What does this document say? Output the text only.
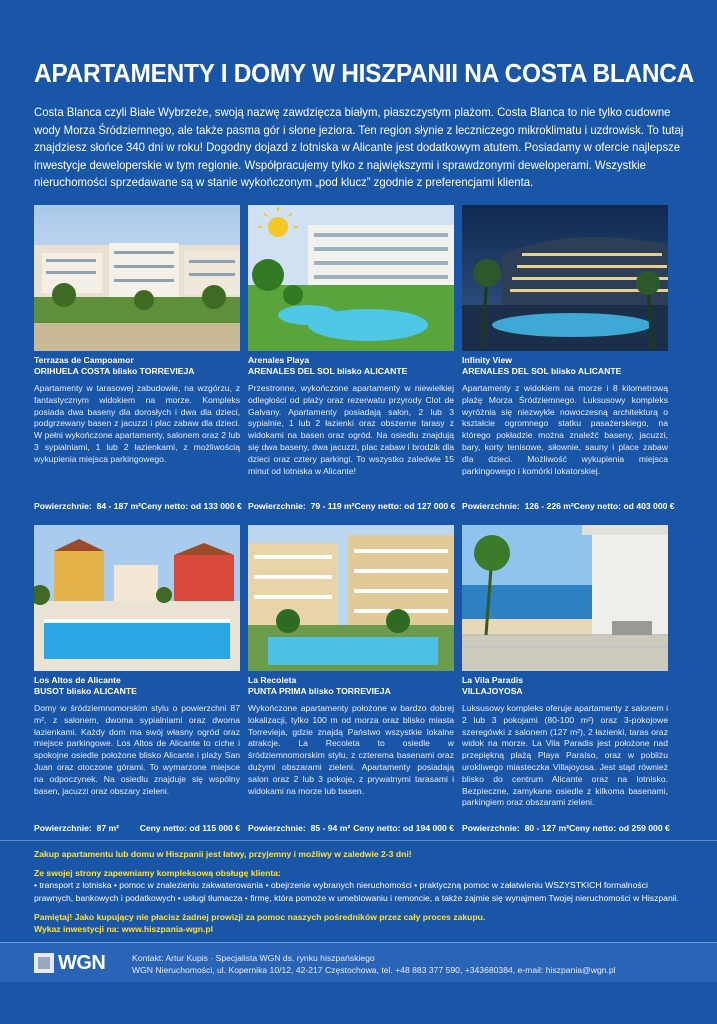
APARTAMENTY I DOMY W HISZPANII NA COSTA BLANCA
Costa Blanca czyli Białe Wybrzeże, swoją nazwę zawdzięcza białym, piaszczystym plażom. Costa Blanca to nie tylko cudowne wody Morza Śródziemnego, ale także pasma gór i słone jeziora. Ten region słynie z leczniczego mikroklimatu i uzdrowisk. To tutaj znajdziesz słońce 340 dni w roku! Dogodny dojazd z lotniska w Alicante jest dodatkowym atutem. Posiadamy w ofercie najlepsze inwestycje deweloperskie w tym regionie. Współpracujemy tylko z największymi i sprawdzonymi deweloperami. Wszystkie nieruchomości sprzedawane są w stanie wykończonym „pod klucz” zgodnie z preferencjami klienta.
Terrazas de Campoamor
ORIHUELA COSTA blisko TORREVIEJA
Apartamenty w tarasowej zabudowie, na wzgórzu, z fantastycznym widokiem na morze. Kompleks posiada dwa baseny dla dorosłych i dwa dla dzieci, podgrzewany basen z jacuzzi i plac zabaw dla dzieci. W pełni wykończone apartamenty, salonem oraz 2 lub 3 sypialniami, 1 lub 2 łazienkami, z możliwością wykupienia miejsca parkingowego.
Arenales Playa
ARENALES DEL SOL blisko ALICANTE
Przestronne, wykończone apartamenty w niewielkiej odległości od plaży oraz rezerwatu przyrody Clot de Galvany. Apartamenty posiadają salon, 2 lub 3 sypialnie, 1 lub 2 łazienki oraz obszerne tarasy z widokami na basen oraz ogród. Na osiedlu znajdują się dwa baseny, dwa jacuzzi, plac zabaw i brodzik dla dzieci oraz cztery parkingi. To wszystko zaledwie 15 minut od lotniska w Alicante!
Infinity View
ARENALES DEL SOL blisko ALICANTE
Apartamenty z widokiem na morze i 8 kilometrową plażę Morza Śródziemnego. Luksusowy kompleks wyróżnia się niezwykle nowoczesną architekturą o kształcie ogromnego statku pasażerskiego, na którego pokładzie można znaleźć baseny, jacuzzi, bary, korty tenisowe, siłownie, sauny i place zabaw dla dzieci. Możliwość wykupienia miejsca parkingowego i komórki lokatorskiej.
Powierzchnie: 84 - 187 m² Ceny netto: od 133 000 € Powierzchnie: 79 - 119 m² Ceny netto: od 127 000 € Powierzchnie: 126 - 226 m² Ceny netto: od 403 000 €
Los Altos de Alicante
BUSOT blisko ALICANTE
Domy w śródziemnomorskim stylu o powierzchni 87 m², z salonem, dwoma sypialniami oraz dwoma łazienkami. Każdy dom ma swój własny ogród oraz miejsce parkingowe. Los Altos de Alicante to ciche i spokojne osiedle położone blisko Alicante i plaży San Juan oraz otoczone górami. To wymarzone miejsce na odpoczynek. Na osiedlu znajduje się wspólny basen, jacuzzi oraz obszary zieleni.
La Recoleta
PUNTA PRIMA blisko TORREVIEJA
Wykończone apartamenty położone w bardzo dobrej lokalizacji, tylko 100 m od morza oraz blisko miasta Torrevieja, gdzie znajdą Państwo wszystkie lokalne atrakcje. La Recoleta to osiedle w śródziemnomorskim stylu, z czterema basenami oraz dużymi obszarami zieleni. Apartamenty posiadają salon oraz 2 lub 3 pokoje, z prywatnymi tarasami i widokami na morze lub basen.
La Vila Paradis
VILLAJOYOSA
Luksusowy kompleks oferuje apartamenty z salonem i 2 lub 3 pokojami (80-100 m²) oraz 3-pokojowe szeregówki z salonem (127 m²), 2 łazienki, taras oraz widok na morze. La Vila Paradis jest położone nad przepiękną plażą Playa Paraíso, oraz w pobliżu urokliwego miasteczka Villajoyosa. Jest stąd również blisko do centrum Alicante oraz na lotnisko. Bezpieczne, zamykane osiedle z kilkoma basenami, parkingiem oraz obszarami zieleni.
Powierzchnie: 87 m² Ceny netto: od 115 000 € Powierzchnie: 85 - 94 m² Ceny netto: od 194 000 € Powierzchnie: 80 - 127 m² Ceny netto: od 259 000 €
Zakup apartamentu lub domu w Hiszpanii jest łatwy, przyjemny i możliwy w zaledwie 2-3 dni!
Ze swojej strony zapewniamy kompleksową obsługę klienta:
• transport z lotniska • pomoc w znalezieniu zakwaterowania • obejrzenie wybranych nieruchomości • praktyczną pomoc w załatwieniu WSZYSTKICH formalności prawnych, bankowych i podatkowych • usługi tłumacza • firmę, która pomoże w umeblowaniu i remoncie, a także zajmie się wynajmem Twojej nieruchomości w Hiszpanii.
Pamiętaj! Jako kupujący nie płacisz żadnej prowizji za pomoc naszych pośredników przez cały proces zakupu.
Wykaz inwestycji na: www.hiszpania-wgn.pl
WGN	Kontakt: Artur Kupis · Specjalista WGN ds. rynku hiszpańskiego
WGN Nieruchomości, ul. Kopernika 10/12, 42-217 Częstochowa, tel. +48 883 377 590, +343680384, e-mail: hiszpania@wgn.pl
